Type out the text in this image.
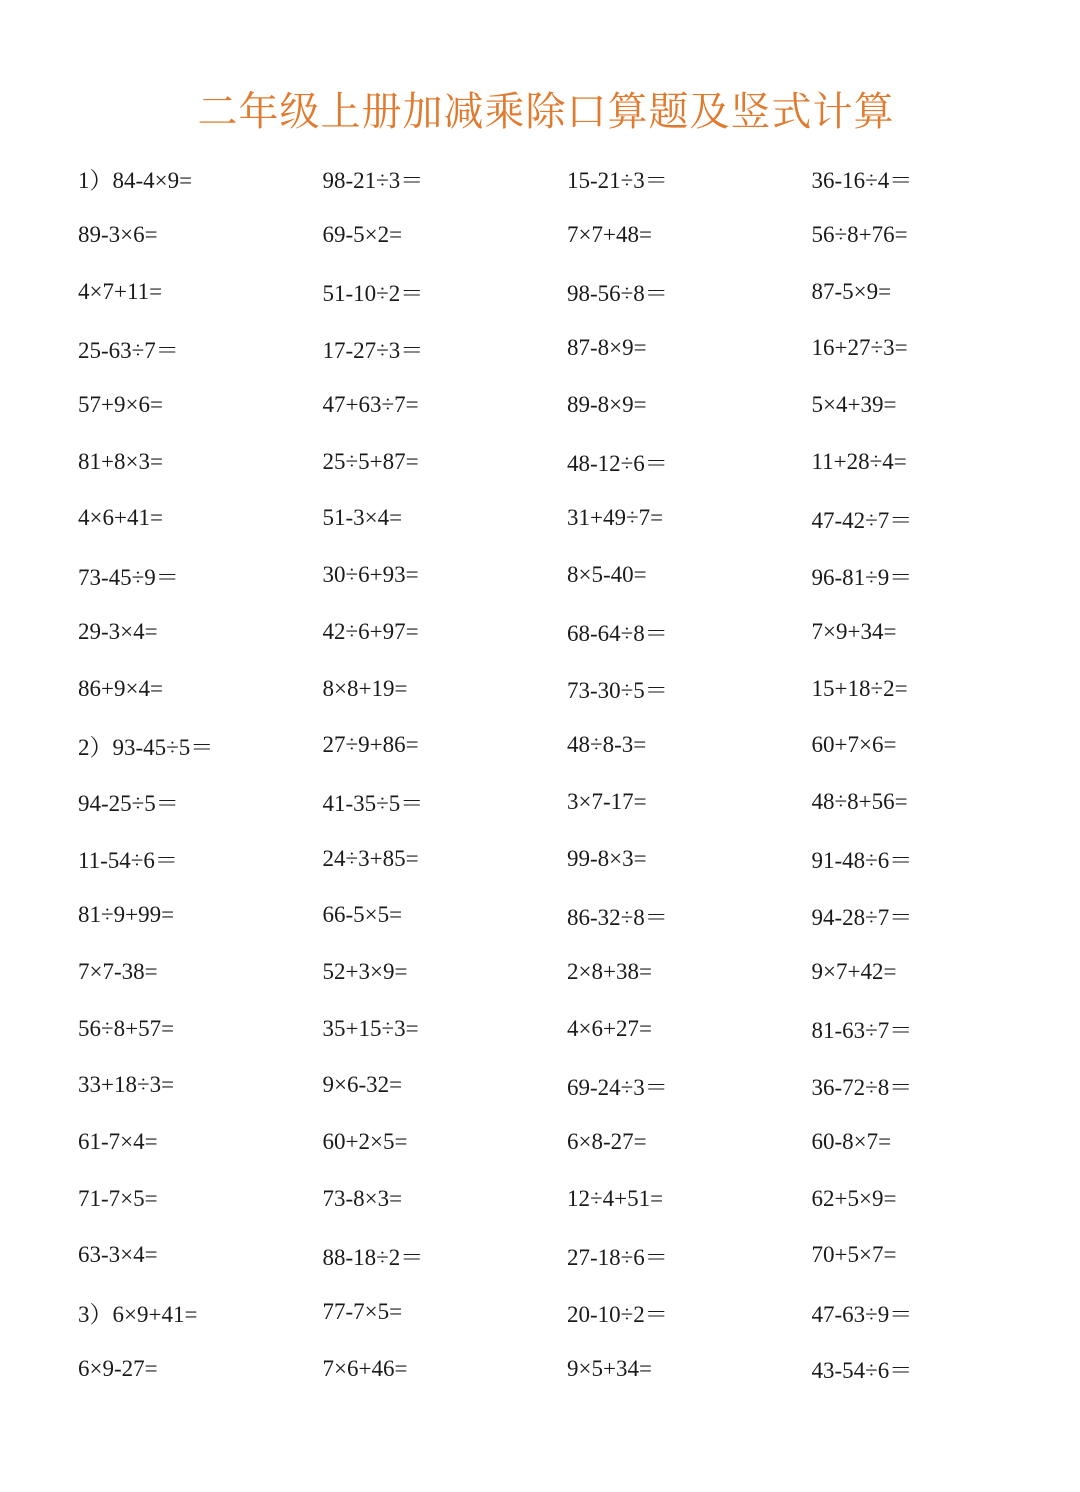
二年级上册加减乘除口算题及竖式计算
1）84-4×9=	98-21÷3＝	15-21÷3＝	36-16÷4＝
89-3×6=	69-5×2=	7×7+48=	56÷8+76=
4×7+11=	51-10÷2＝	98-56÷8＝	87-5×9=
25-63÷7＝	17-27÷3＝	87-8×9=	16+27÷3=
57+9×6=	47+63÷7=	89-8×9=	5×4+39=
81+8×3=	25÷5+87=	48-12÷6＝	11+28÷4=
4×6+41=	51-3×4=	31+49÷7=	47-42÷7＝
73-45÷9＝	30÷6+93=	8×5-40=	96-81÷9＝
29-3×4=	42÷6+97=	68-64÷8＝	7×9+34=
86+9×4=	8×8+19=	73-30÷5＝	15+18÷2=
2）93-45÷5＝	27÷9+86=	48÷8-3=	60+7×6=
94-25÷5＝	41-35÷5＝	3×7-17=	48÷8+56=
11-54÷6＝	24÷3+85=	99-8×3=	91-48÷6＝
81÷9+99=	66-5×5=	86-32÷8＝	94-28÷7＝
7×7-38=	52+3×9=	2×8+38=	9×7+42=
56÷8+57=	35+15÷3=	4×6+27=	81-63÷7＝
33+18÷3=	9×6-32=	69-24÷3＝	36-72÷8＝
61-7×4=	60+2×5=	6×8-27=	60-8×7=
71-7×5=	73-8×3=	12÷4+51=	62+5×9=
63-3×4=	88-18÷2＝	27-18÷6＝	70+5×7=
3）6×9+41=	77-7×5=	20-10÷2＝	47-63÷9＝
6×9-27=	7×6+46=	9×5+34=	43-54÷6＝
